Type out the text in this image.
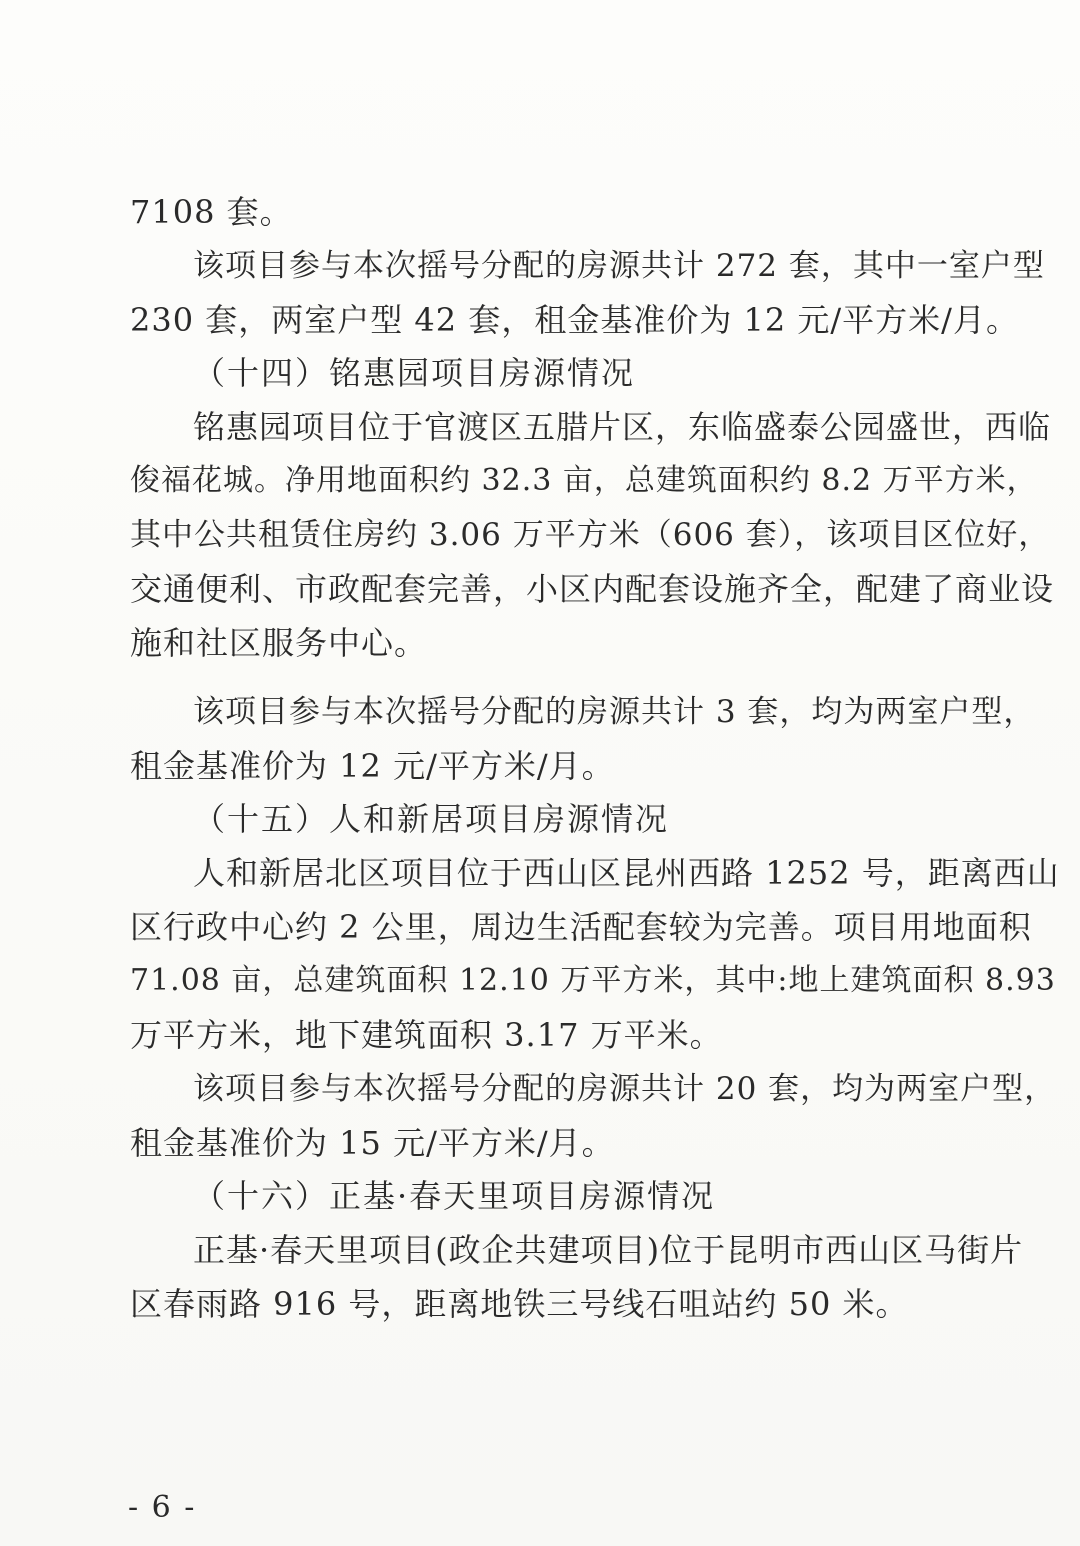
7108 套。
该项目参与本次摇号分配的房源共计 272 套，其中一室户型
230 套，两室户型 42 套，租金基准价为 12 元/平方米/月。
（十四）铭惠园项目房源情况
铭惠园项目位于官渡区五腊片区，东临盛泰公园盛世，西临
俊福花城。净用地面积约 32.3 亩，总建筑面积约 8.2 万平方米，
其中公共租赁住房约 3.06 万平方米（606 套），该项目区位好，
交通便利、市政配套完善，小区内配套设施齐全，配建了商业设
施和社区服务中心。
该项目参与本次摇号分配的房源共计 3 套，均为两室户型，
租金基准价为 12 元/平方米/月。
（十五）人和新居项目房源情况
人和新居北区项目位于西山区昆州西路 1252 号，距离西山
区行政中心约 2 公里，周边生活配套较为完善。项目用地面积
71.08 亩，总建筑面积 12.10 万平方米，其中:地上建筑面积 8.93
万平方米，地下建筑面积 3.17 万平米。
该项目参与本次摇号分配的房源共计 20 套，均为两室户型，
租金基准价为 15 元/平方米/月。
（十六）正基·春天里项目房源情况
正基·春天里项目(政企共建项目)位于昆明市西山区马街片
区春雨路 916 号，距离地铁三号线石咀站约 50 米。
- 6 -
